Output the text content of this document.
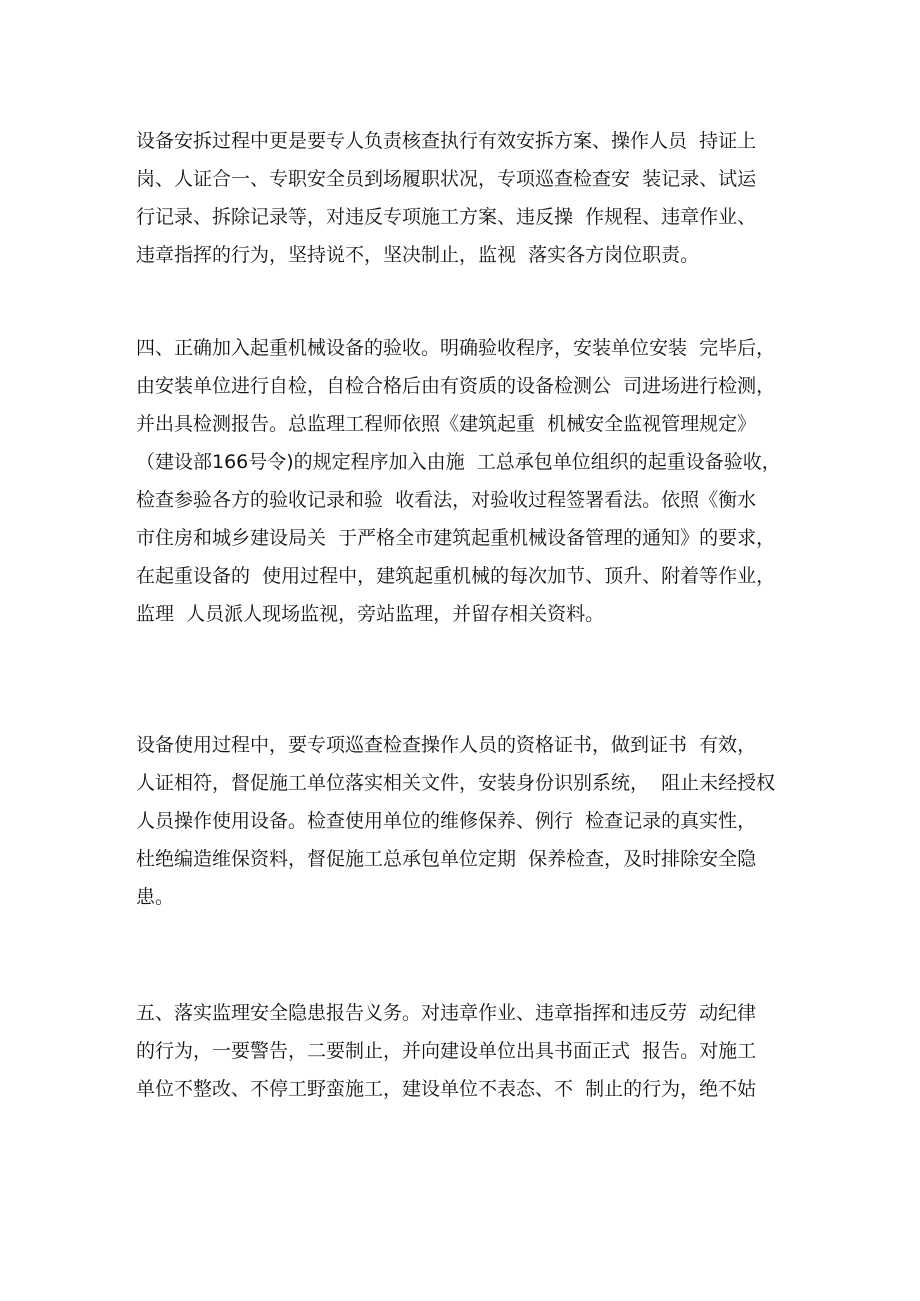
设备安拆过程中更是要专人负责核查执行有效安拆方案、操作人员  持证上
岗、人证合一、专职安全员到场履职状况，专项巡查检查安  装记录、试运
行记录、拆除记录等，对违反专项施工方案、违反操  作规程、违章作业、
违章指挥的行为，坚持说不，坚决制止，监视  落实各方岗位职责。

四、正确加入起重机械设备的验收。明确验收程序，安装单位安装  完毕后，
由安装单位进行自检，自检合格后由有资质的设备检测公  司进场进行检测，
并出具检测报告。总监理工程师依照《建筑起重  机械安全监视管理规定》
（建设部166号令)的规定程序加入由施  工总承包单位组织的起重设备验收，
检查参验各方的验收记录和验  收看法，对验收过程签署看法。依照《衡水
市住房和城乡建设局关  于严格全市建筑起重机械设备管理的通知》的要求，
在起重设备的  使用过程中，建筑起重机械的每次加节、顶升、附着等作业，
监理  人员派人现场监视，旁站监理，并留存相关资料。

设备使用过程中，要专项巡查检查操作人员的资格证书，做到证书  有效，
人证相符，督促施工单位落实相关文件，安装身份识别系统，  阻止未经授权
人员操作使用设备。检查使用单位的维修保养、例行  检查记录的真实性，
杜绝编造维保资料，督促施工总承包单位定期  保养检查，及时排除安全隐
患。

五、落实监理安全隐患报告义务。对违章作业、违章指挥和违反劳  动纪律
的行为，一要警告，二要制止，并向建设单位出具书面正式  报告。对施工
单位不整改、不停工野蛮施工，建设单位不表态、不  制止的行为，绝不姑
